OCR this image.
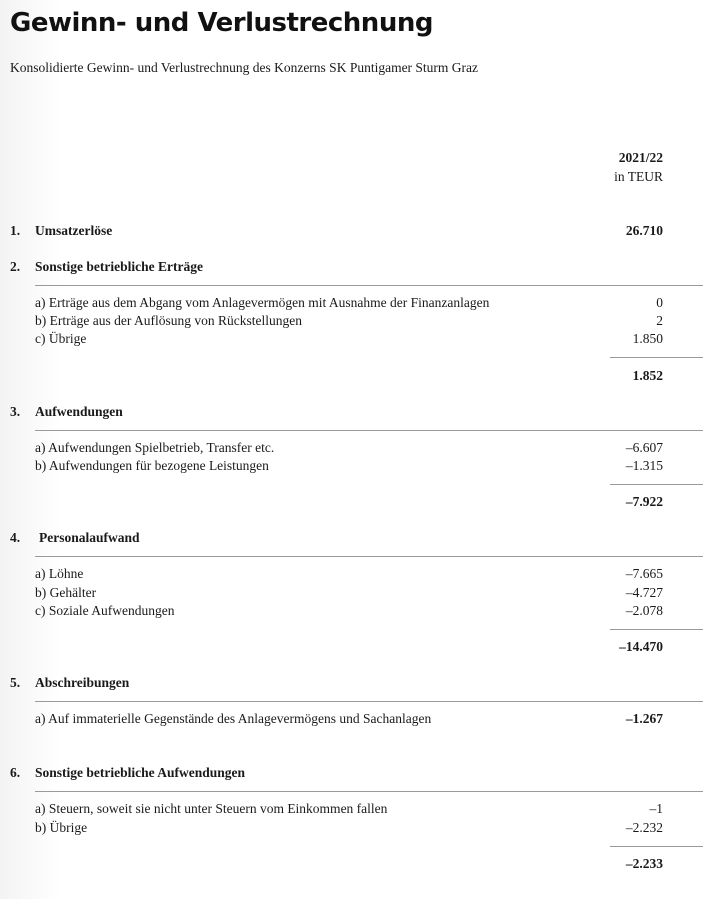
Gewinn- und Verlustrechnung
Konsolidierte Gewinn- und Verlustrechnung des Konzerns SK Puntigamer Sturm Graz
2021/22
in TEUR
1. Umsatzerlöse	26.710
2. Sonstige betriebliche Erträge
a) Erträge aus dem Abgang vom Anlagevermögen mit Ausnahme der Finanzanlagen	0
b) Erträge aus der Auflösung von Rückstellungen	2
c) Übrige	1.850
1.852
3. Aufwendungen
a) Aufwendungen Spielbetrieb, Transfer etc.	–6.607
b) Aufwendungen für bezogene Leistungen	–1.315
–7.922
4. Personalaufwand
a) Löhne	–7.665
b) Gehälter	–4.727
c) Soziale Aufwendungen	–2.078
–14.470
5. Abschreibungen
a) Auf immaterielle Gegenstände des Anlagevermögens und Sachanlagen	–1.267
6. Sonstige betriebliche Aufwendungen
a) Steuern, soweit sie nicht unter Steuern vom Einkommen fallen	–1
b) Übrige	–2.232
–2.233
